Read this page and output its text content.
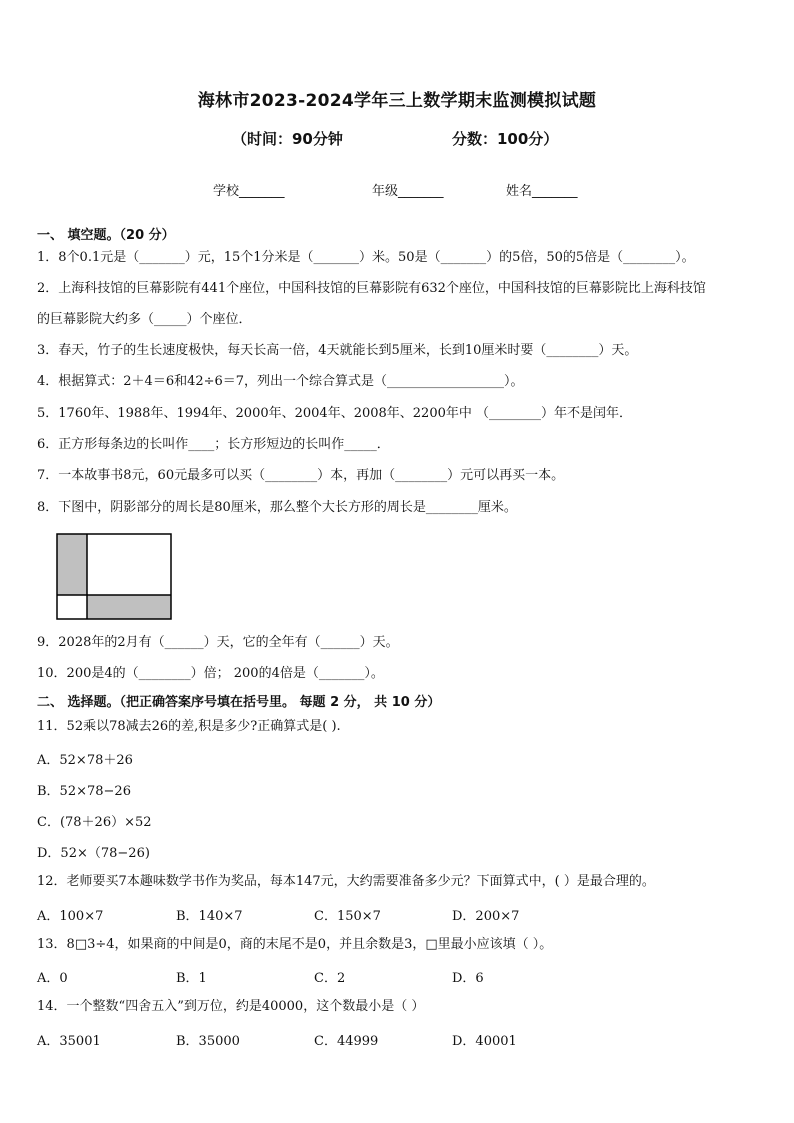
海林市2023-2024学年三上数学期末监测模拟试题
（时间：90分钟	分数：100分）
学校_______	年级_______	姓名_______
一、 填空题。（20 分）
1．8个0.1元是（_______）元，15个1分米是（_______）米。50是（_______）的5倍，50的5倍是（________）。
2．上海科技馆的巨幕影院有441个座位，中国科技馆的巨幕影院有632个座位，中国科技馆的巨幕影院比上海科技馆
的巨幕影院大约多（_____）个座位．
3．春天，竹子的生长速度极快，每天长高一倍，4天就能长到5厘米，长到10厘米时要（________）天。
4．根据算式：2＋4＝6和42÷6＝7，列出一个综合算式是（__________________）。
5．1760年、1988年、1994年、2000年、2004年、2008年、2200年中 （________）年不是闰年．
6．正方形每条边的长叫作____；长方形短边的长叫作_____．
7．一本故事书8元，60元最多可以买（________）本，再加（________）元可以再买一本。
8．下图中，阴影部分的周长是80厘米，那么整个大长方形的周长是________厘米。
9．2028年的2月有（______）天，它的全年有（______）天。
10．200是4的（________）倍； 200的4倍是（_______）。
二、 选择题。（把正确答案序号填在括号里。 每题 2 分， 共 10 分）
11．52乘以78减去26的差,积是多少?正确算式是( ).
A．52×78＋26
B．52×78−26
C．(78＋26）×52
D．52×（78−26)
12．老师要买7本趣味数学书作为奖品，每本147元，大约需要准备多少元？下面算式中，( ）是最合理的。
A．100×7	B．140×7	C．150×7	D．200×7
13．8□3÷4，如果商的中间是0，商的末尾不是0，并且余数是3，□里最小应该填（ ）。
A．0	B．1	C．2	D．6
14．一个整数“四舍五入”到万位，约是40000，这个数最小是（ ）
A．35001	B．35000	C．44999	D．40001
